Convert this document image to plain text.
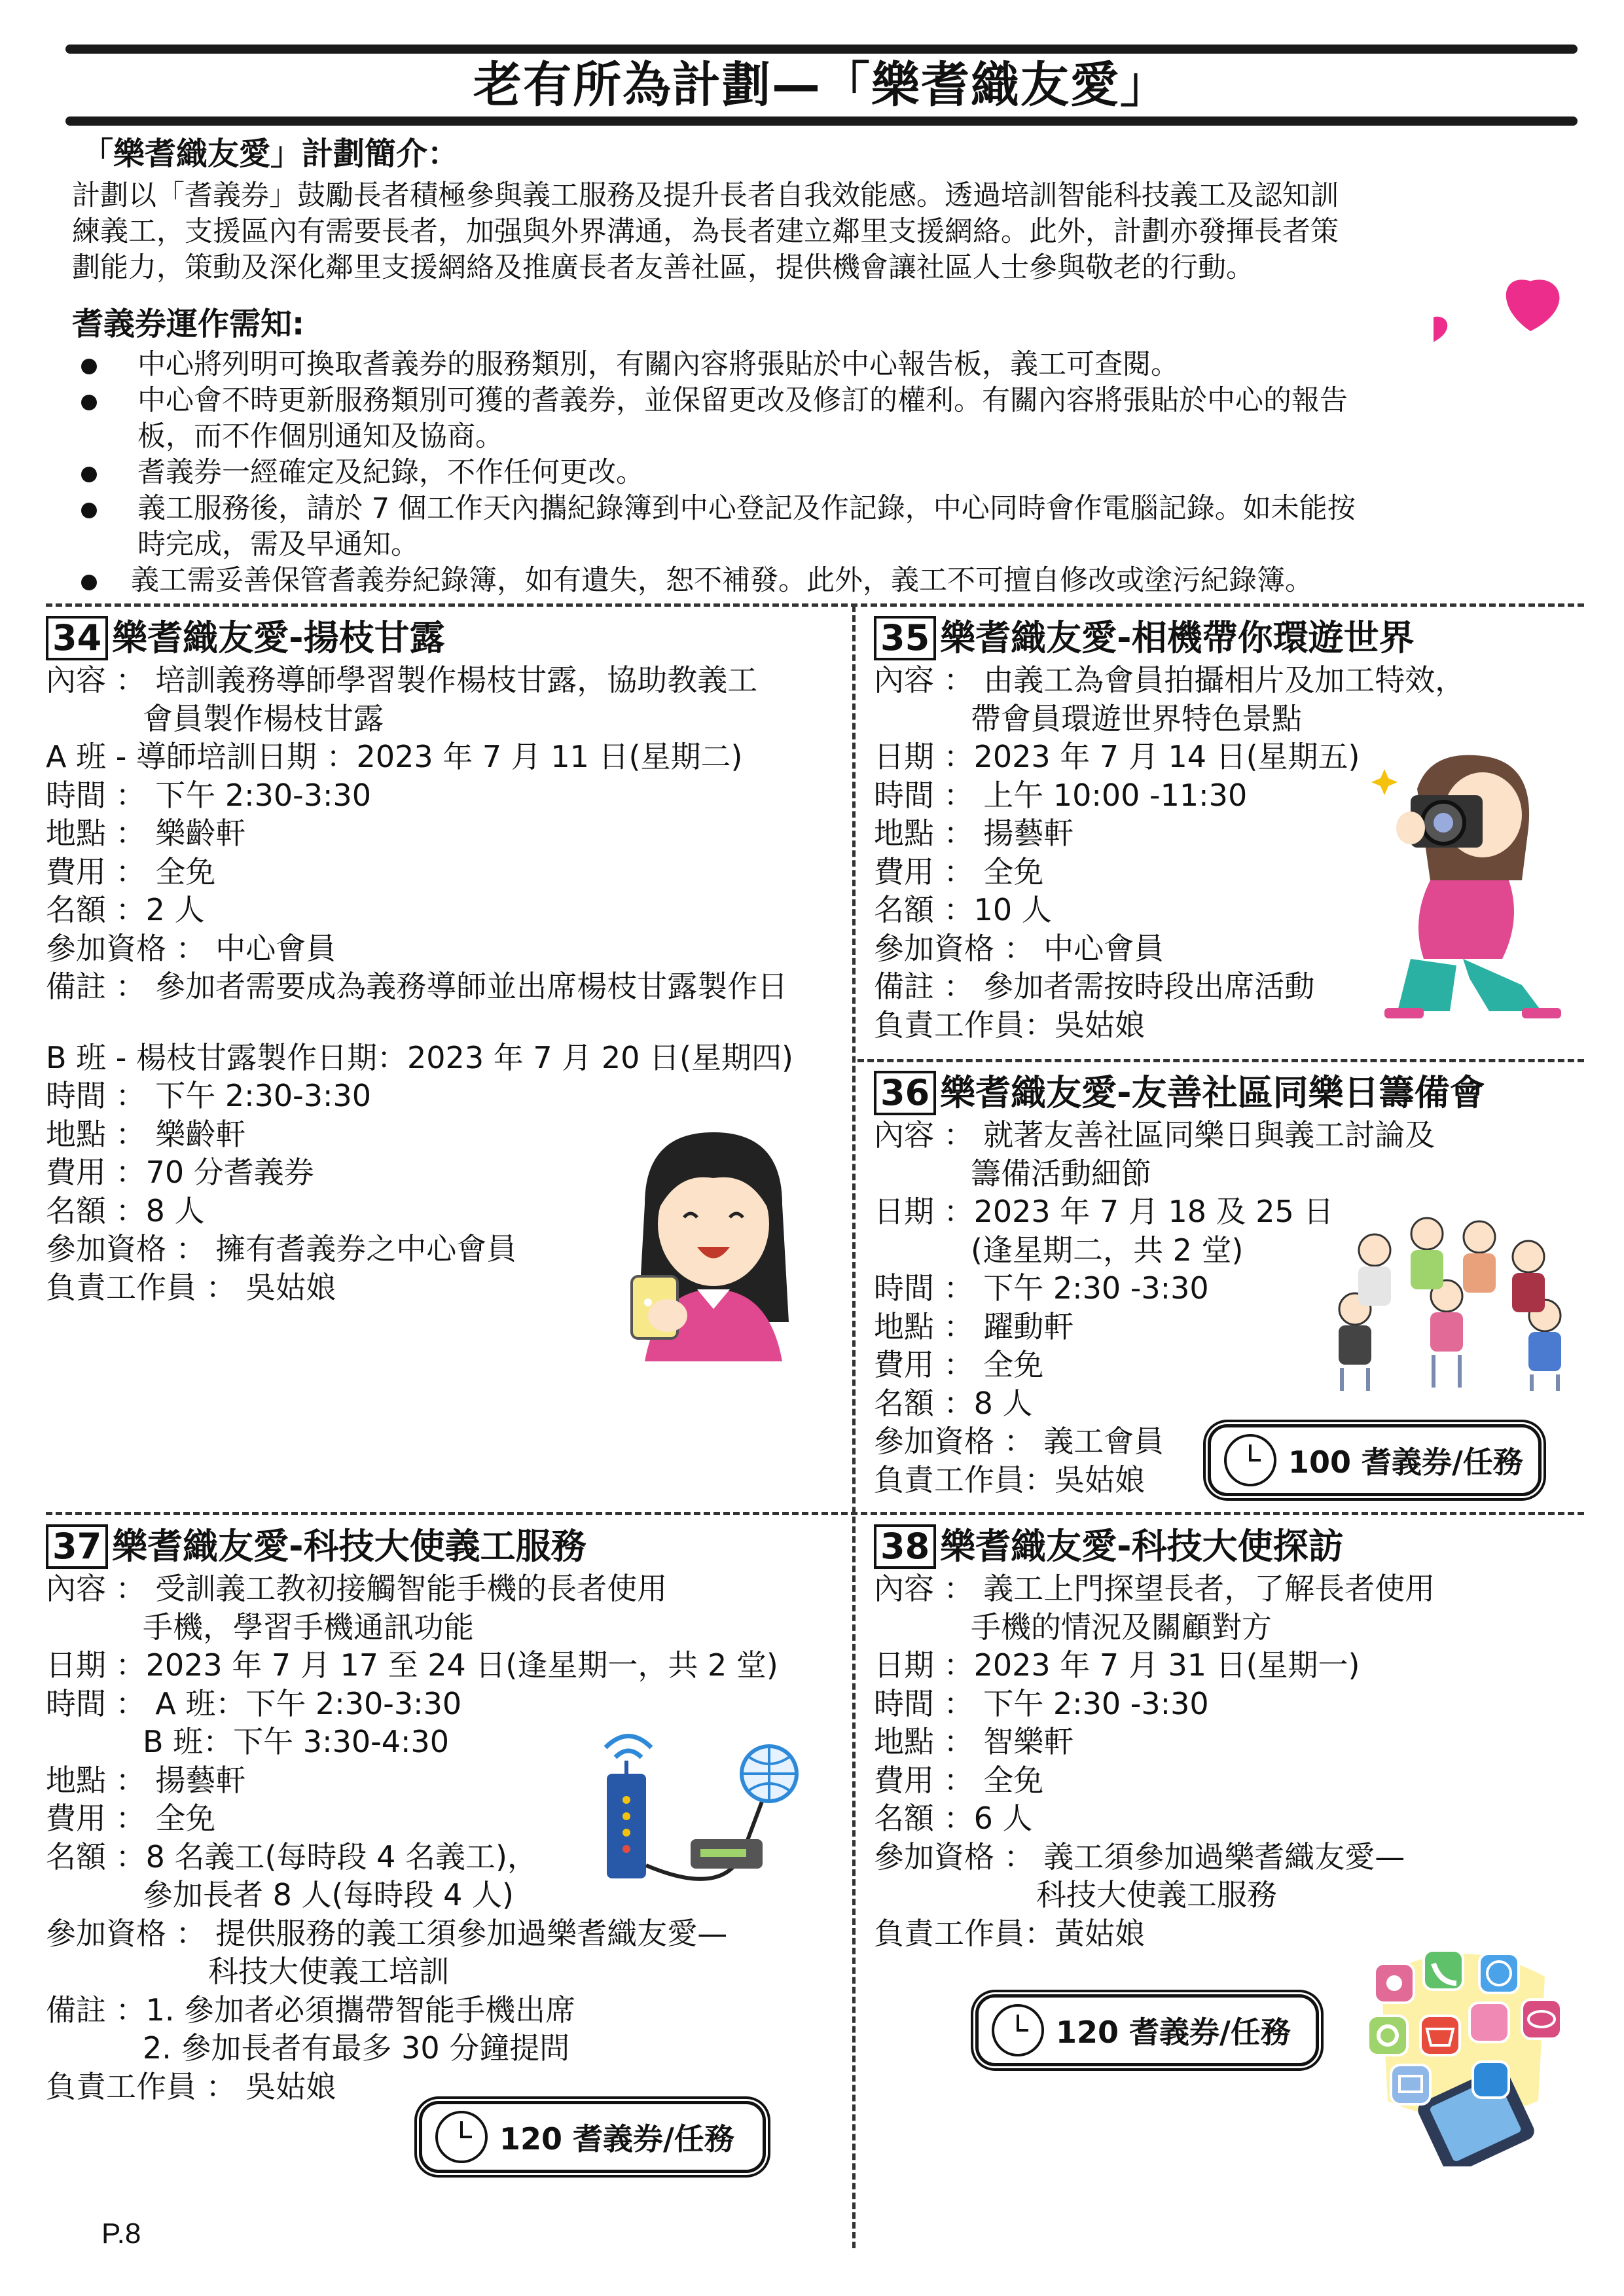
老有所為計劃—「樂耆織友愛」
「樂耆織友愛」計劃簡介：
計劃以「耆義券」鼓勵長者積極參與義工服務及提升長者自我效能感。透過培訓智能科技義工及認知訓
練義工，支援區內有需要長者，加强與外界溝通，為長者建立鄰里支援網絡。此外，計劃亦發揮長者策
劃能力，策動及深化鄰里支援網絡及推廣長者友善社區，提供機會讓社區人士參與敬老的行動。
耆義券運作需知:
中心將列明可換取耆義券的服務類別，有關內容將張貼於中心報告板，義工可查閱。
中心會不時更新服務類別可獲的耆義券，並保留更改及修訂的權利。有關內容將張貼於中心的報告
板，而不作個別通知及協商。
耆義券一經確定及紀錄，不作任何更改。
義工服務後，請於 7 個工作天內攜紀錄簿到中心登記及作記錄，中心同時會作電腦記錄。如未能按
時完成，需及早通知。
義工需妥善保管耆義券紀錄簿，如有遺失，恕不補發。此外，義工不可擅自修改或塗污紀錄簿。
34 樂耆織友愛-揚枝甘露
內容 ： 培訓義務導師學習製作楊枝甘露，協助教義工
會員製作楊枝甘露
A 班 - 導師培訓日期 ：2023 年 7 月 11 日(星期二)
時間 ： 下午 2:30-3:30
地點 ： 樂齡軒
費用 ： 全免
名額 ：2 人
參加資格 ： 中心會員
備註 ： 參加者需要成為義務導師並出席楊枝甘露製作日
B 班 - 楊枝甘露製作日期：2023 年 7 月 20 日(星期四)
時間 ： 下午 2:30-3:30
地點 ： 樂齡軒
費用 ：70 分耆義券
名額 ：8 人
參加資格 ： 擁有耆義券之中心會員
負責工作員 ： 吳姑娘
35 樂耆織友愛-相機帶你環遊世界
內容 ： 由義工為會員拍攝相片及加工特效，
帶會員環遊世界特色景點
日期 ：2023 年 7 月 14 日(星期五)
時間 ： 上午 10:00 -11:30
地點 ： 揚藝軒
費用 ： 全免
名額 ：10 人
參加資格 ： 中心會員
備註 ： 參加者需按時段出席活動
負責工作員：吳姑娘
36 樂耆織友愛-友善社區同樂日籌備會
內容 ： 就著友善社區同樂日與義工討論及
籌備活動細節
日期 ：2023 年 7 月 18 及 25 日
(逢星期二，共 2 堂)
時間 ： 下午 2:30 -3:30
地點 ： 躍動軒
費用 ： 全免
名額 ：8 人
參加資格 ： 義工會員
負責工作員：吳姑娘	100 耆義券/任務
37 樂耆織友愛-科技大使義工服務
內容 ： 受訓義工教初接觸智能手機的長者使用
手機，學習手機通訊功能
日期 ：2023 年 7 月 17 至 24 日(逢星期一，共 2 堂)
時間 ： A 班：下午 2:30-3:30
B 班：下午 3:30-4:30
地點 ： 揚藝軒
費用 ： 全免
名額 ：8 名義工(每時段 4 名義工)，
參加長者 8 人(每時段 4 人)
參加資格 ： 提供服務的義工須參加過樂耆織友愛—
科技大使義工培訓
備註 ：1. 參加者必須攜帶智能手機出席
2. 參加長者有最多 30 分鐘提問
負責工作員 ： 吳姑娘
120 耆義券/任務
38 樂耆織友愛-科技大使探訪
內容 ： 義工上門探望長者，了解長者使用
手機的情況及關顧對方
日期 ：2023 年 7 月 31 日(星期一)
時間 ： 下午 2:30 -3:30
地點 ： 智樂軒
費用 ： 全免
名額 ：6 人
參加資格 ： 義工須參加過樂耆織友愛—
科技大使義工服務
負責工作員：黃姑娘
120 耆義券/任務
P.8
